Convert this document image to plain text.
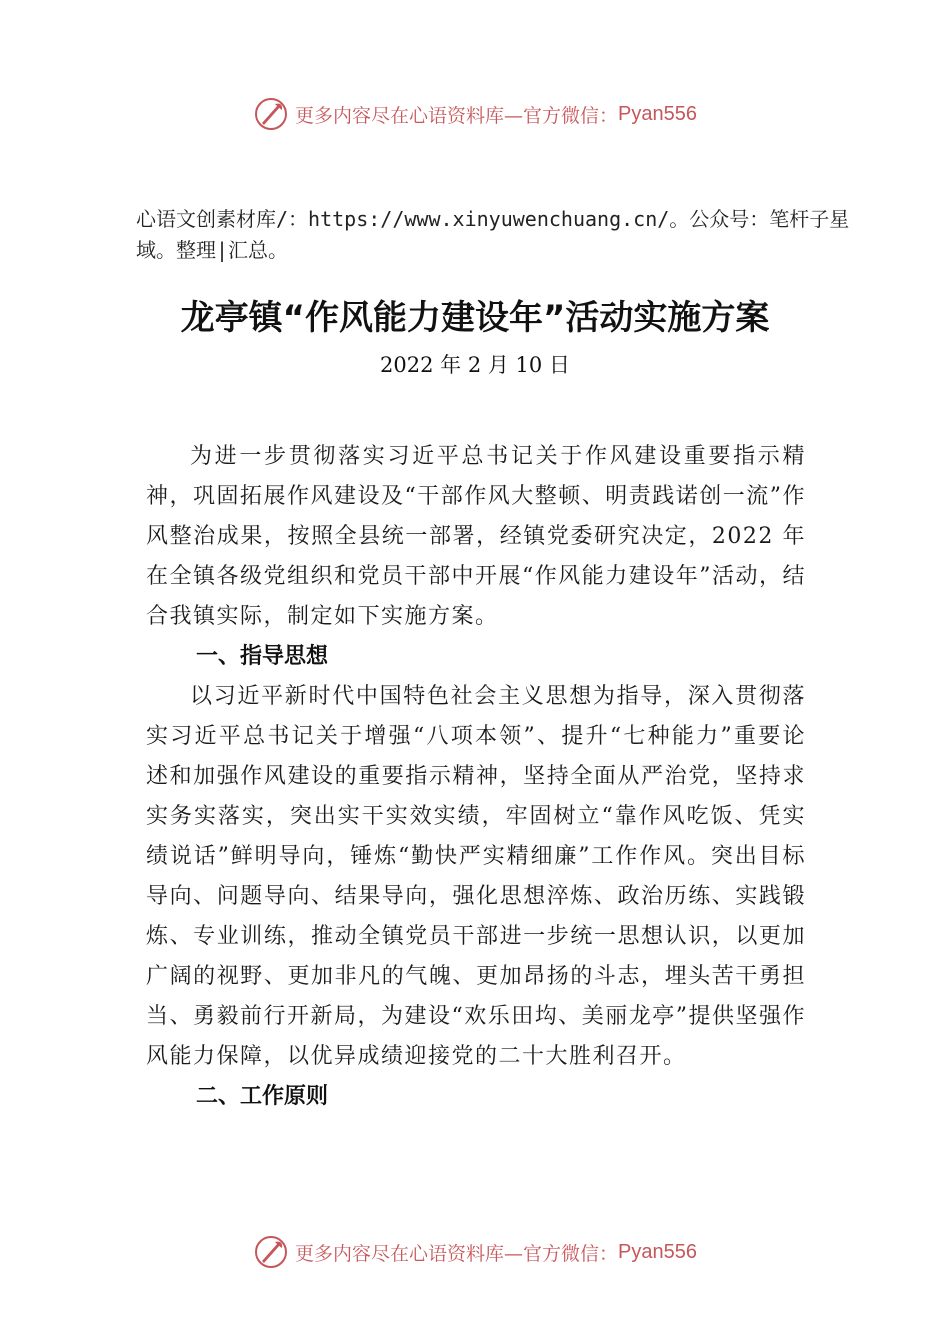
更多内容尽在心语资料库—官方微信： Pyan556
心语文创素材库/：https://www.xinyuwenchuang.cn/。公众号：笔杆子星域。整理|汇总。
龙亭镇“作风能力建设年”活动实施方案
2022 年 2 月 10 日

为进一步贯彻落实习近平总书记关于作风建设重要指示精神，巩固拓展作风建设及“干部作风大整顿、明责践诺创一流”作风整治成果，按照全县统一部署，经镇党委研究决定，2022 年在全镇各级党组织和党员干部中开展“作风能力建设年”活动，结合我镇实际，制定如下实施方案。

一、指导思想

以习近平新时代中国特色社会主义思想为指导，深入贯彻落实习近平总书记关于增强“八项本领”、提升“七种能力”重要论述和加强作风建设的重要指示精神，坚持全面从严治党，坚持求实务实落实，突出实干实效实绩，牢固树立“靠作风吃饭、凭实绩说话”鲜明导向，锤炼“勤快严实精细廉”工作作风。突出目标导向、问题导向、结果导向，强化思想淬炼、政治历练、实践锻炼、专业训练，推动全镇党员干部进一步统一思想认识，以更加广阔的视野、更加非凡的气魄、更加昂扬的斗志，埋头苦干勇担当、勇毅前行开新局，为建设“欢乐田㘬、美丽龙亭”提供坚强作风能力保障，以优异成绩迎接党的二十大胜利召开。

二、工作原则

更多内容尽在心语资料库—官方微信： Pyan556
